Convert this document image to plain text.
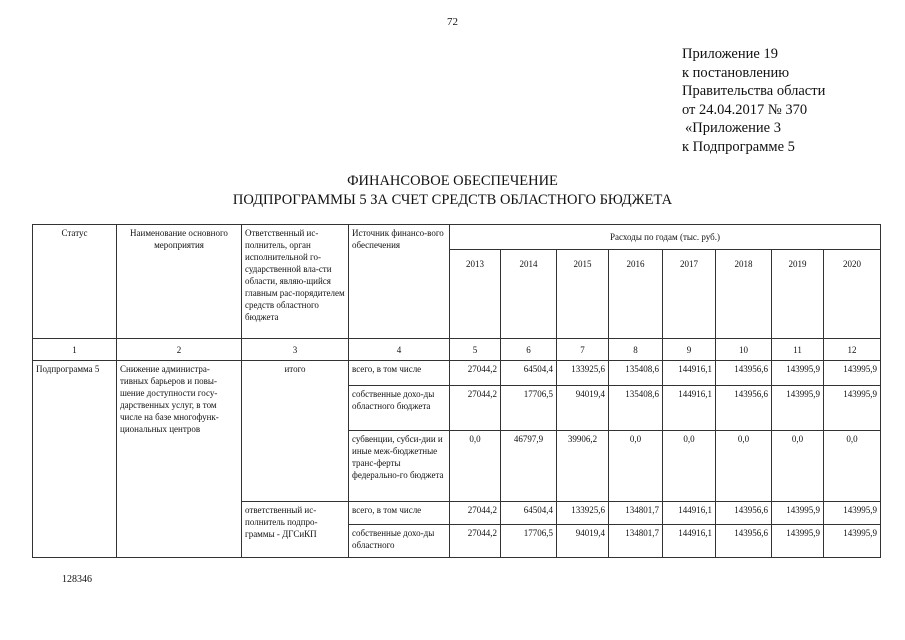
72
Приложение 19
к постановлению
Правительства области
от 24.04.2017 № 370
«Приложение 3
к Подпрограмме 5
ФИНАНСОВОЕ ОБЕСПЕЧЕНИЕ
ПОДПРОГРАММЫ 5 ЗА СЧЕТ СРЕДСТВ ОБЛАСТНОГО БЮДЖЕТА
Статус	Наименование основного мероприятия	Ответственный ис-полнитель, орган исполнительной го-сударственной вла-сти области, являю-щийся главным рас-порядителем средств областного бюджета	Источник финансо-вого обеспечения	Расходы по годам (тыс. руб.)							
				2013	2014	2015	2016	2017	2018	2019	2020
1	2	3	4	5	6	7	8	9	10	11	12
Подпрограмма 5	Снижение администра-тивных барьеров и повы-шение доступности госу-дарственных услуг, в том числе на базе многофунк-циональных центров	итого	всего, в том числе	27044,2	64504,4	133925,6	135408,6	144916,1	143956,6	143995,9	143995,9
			собственные дохо-ды областного бюджета	27044,2	17706,5	94019,4	135408,6	144916,1	143956,6	143995,9	143995,9
			субвенции, субси-дии и иные меж-бюджетные транс-ферты федерально-го бюджета	0,0	46797,9	39906,2	0,0	0,0	0,0	0,0	0,0
		ответственный ис-полнитель подпро-граммы - ДГСиКП	всего, в том числе	27044,2	64504,4	133925,6	134801,7	144916,1	143956,6	143995,9	143995,9
			собственные дохо-ды областного	27044,2	17706,5	94019,4	134801,7	144916,1	143956,6	143995,9	143995,9
128346
